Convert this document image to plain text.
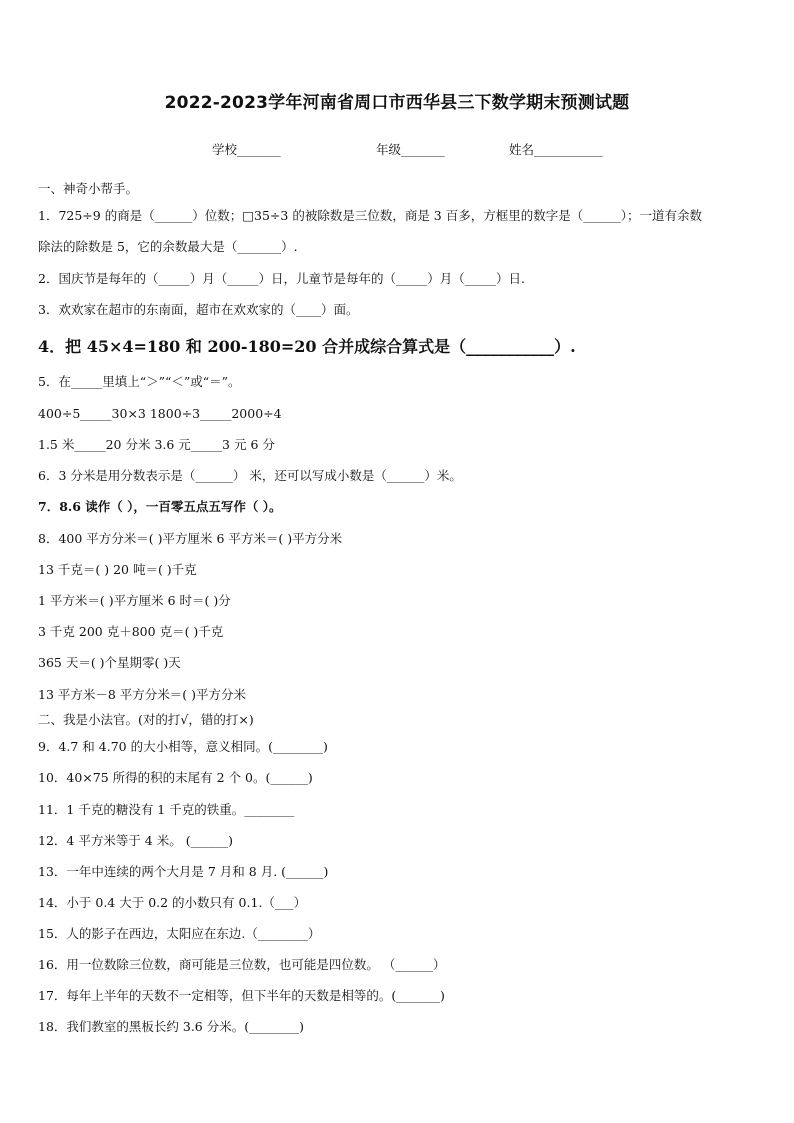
2022-2023学年河南省周口市西华县三下数学期末预测试题
学校_______	年级_______	姓名___________
一、神奇小帮手。
1．725÷9 的商是（______）位数；□35÷3 的被除数是三位数，商是 3 百多，方框里的数字是（______）；一道有余数
除法的除数是 5，它的余数最大是（_______）.
2．国庆节是每年的（_____）月（_____）日，儿童节是每年的（_____）月（_____）日.
3．欢欢家在超市的东南面，超市在欢欢家的（____）面。
4．把 45×4=180 和 200-180=20 合并成综合算式是（___________）.
5．在_____里填上“＞”“＜”或“＝”。
400÷5_____30×3 1800÷3_____2000÷4
1.5 米_____20 分米 3.6 元_____3 元 6 分
6．3 分米是用分数表示是（______） 米，还可以写成小数是（______）米。
7．8.6 读作（ ），一百零五点五写作（ ）。
8．400 平方分米＝( )平方厘米 6 平方米＝( )平方分米
13 千克＝( ) 20 吨＝( )千克
1 平方米＝( )平方厘米 6 时＝( )分
3 千克 200 克＋800 克＝( )千克
365 天＝( )个星期零( )天
13 平方米－8 平方分米＝( )平方分米
二、我是小法官。(对的打√，错的打×)
9．4.7 和 4.70 的大小相等，意义相同。(________)
10．40×75 所得的积的末尾有 2 个 0。(______)
11．1 千克的糖没有 1 千克的铁重。________
12．4 平方米等于 4 米。 (______)
13．一年中连续的两个大月是 7 月和 8 月. (______)
14．小于 0.4 大于 0.2 的小数只有 0.1.（___）
15．人的影子在西边，太阳应在东边.（________）
16．用一位数除三位数，商可能是三位数，也可能是四位数。 （______）
17．每年上半年的天数不一定相等，但下半年的天数是相等的。(_______)
18．我们教室的黑板长约 3.6 分米。(________)
